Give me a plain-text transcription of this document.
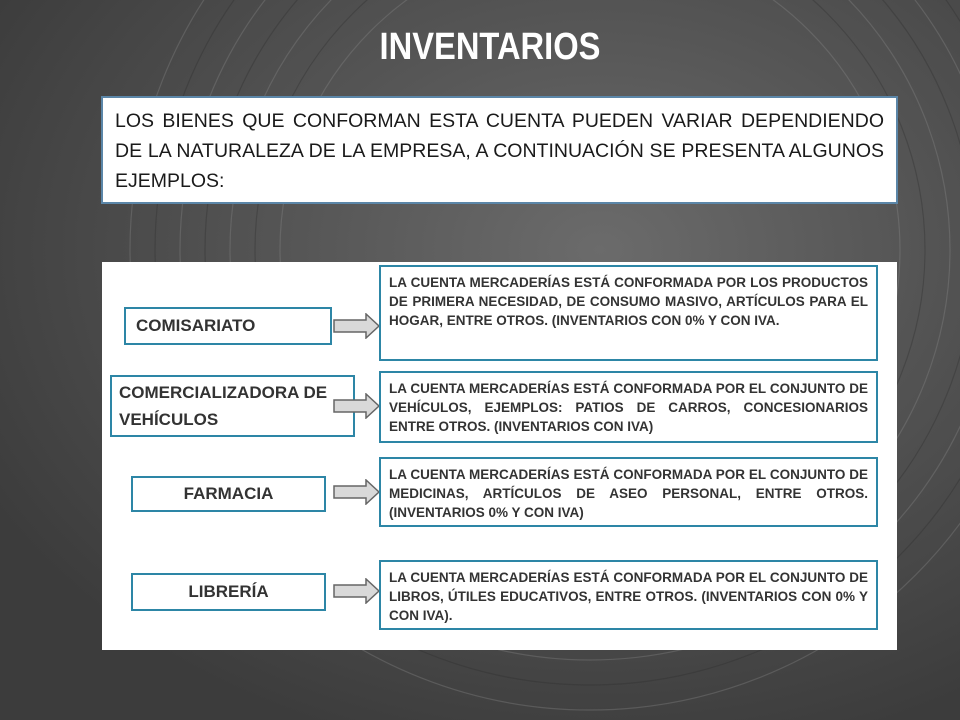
INVENTARIOS
LOS BIENES QUE CONFORMAN ESTA CUENTA PUEDEN VARIAR DEPENDIENDO DE LA NATURALEZA DE LA EMPRESA, A CONTINUACIÓN SE PRESENTA ALGUNOS EJEMPLOS:
COMISARIATO
LA CUENTA MERCADERÍAS ESTÁ CONFORMADA POR LOS PRODUCTOS DE PRIMERA NECESIDAD, DE CONSUMO MASIVO, ARTÍCULOS PARA EL HOGAR, ENTRE OTROS. (INVENTARIOS CON 0% Y CON IVA.
COMERCIALIZADORA DE VEHÍCULOS
LA CUENTA MERCADERÍAS ESTÁ CONFORMADA POR EL CONJUNTO DE VEHÍCULOS, EJEMPLOS: PATIOS DE CARROS, CONCESIONARIOS ENTRE OTROS. (INVENTARIOS CON IVA)
FARMACIA
LA CUENTA MERCADERÍAS ESTÁ CONFORMADA POR EL CONJUNTO DE MEDICINAS, ARTÍCULOS DE ASEO PERSONAL, ENTRE OTROS. (INVENTARIOS 0% Y CON IVA)
LIBRERÍA
LA CUENTA MERCADERÍAS ESTÁ CONFORMADA POR EL CONJUNTO DE LIBROS, ÚTILES EDUCATIVOS, ENTRE OTROS. (INVENTARIOS CON 0% Y CON IVA).
